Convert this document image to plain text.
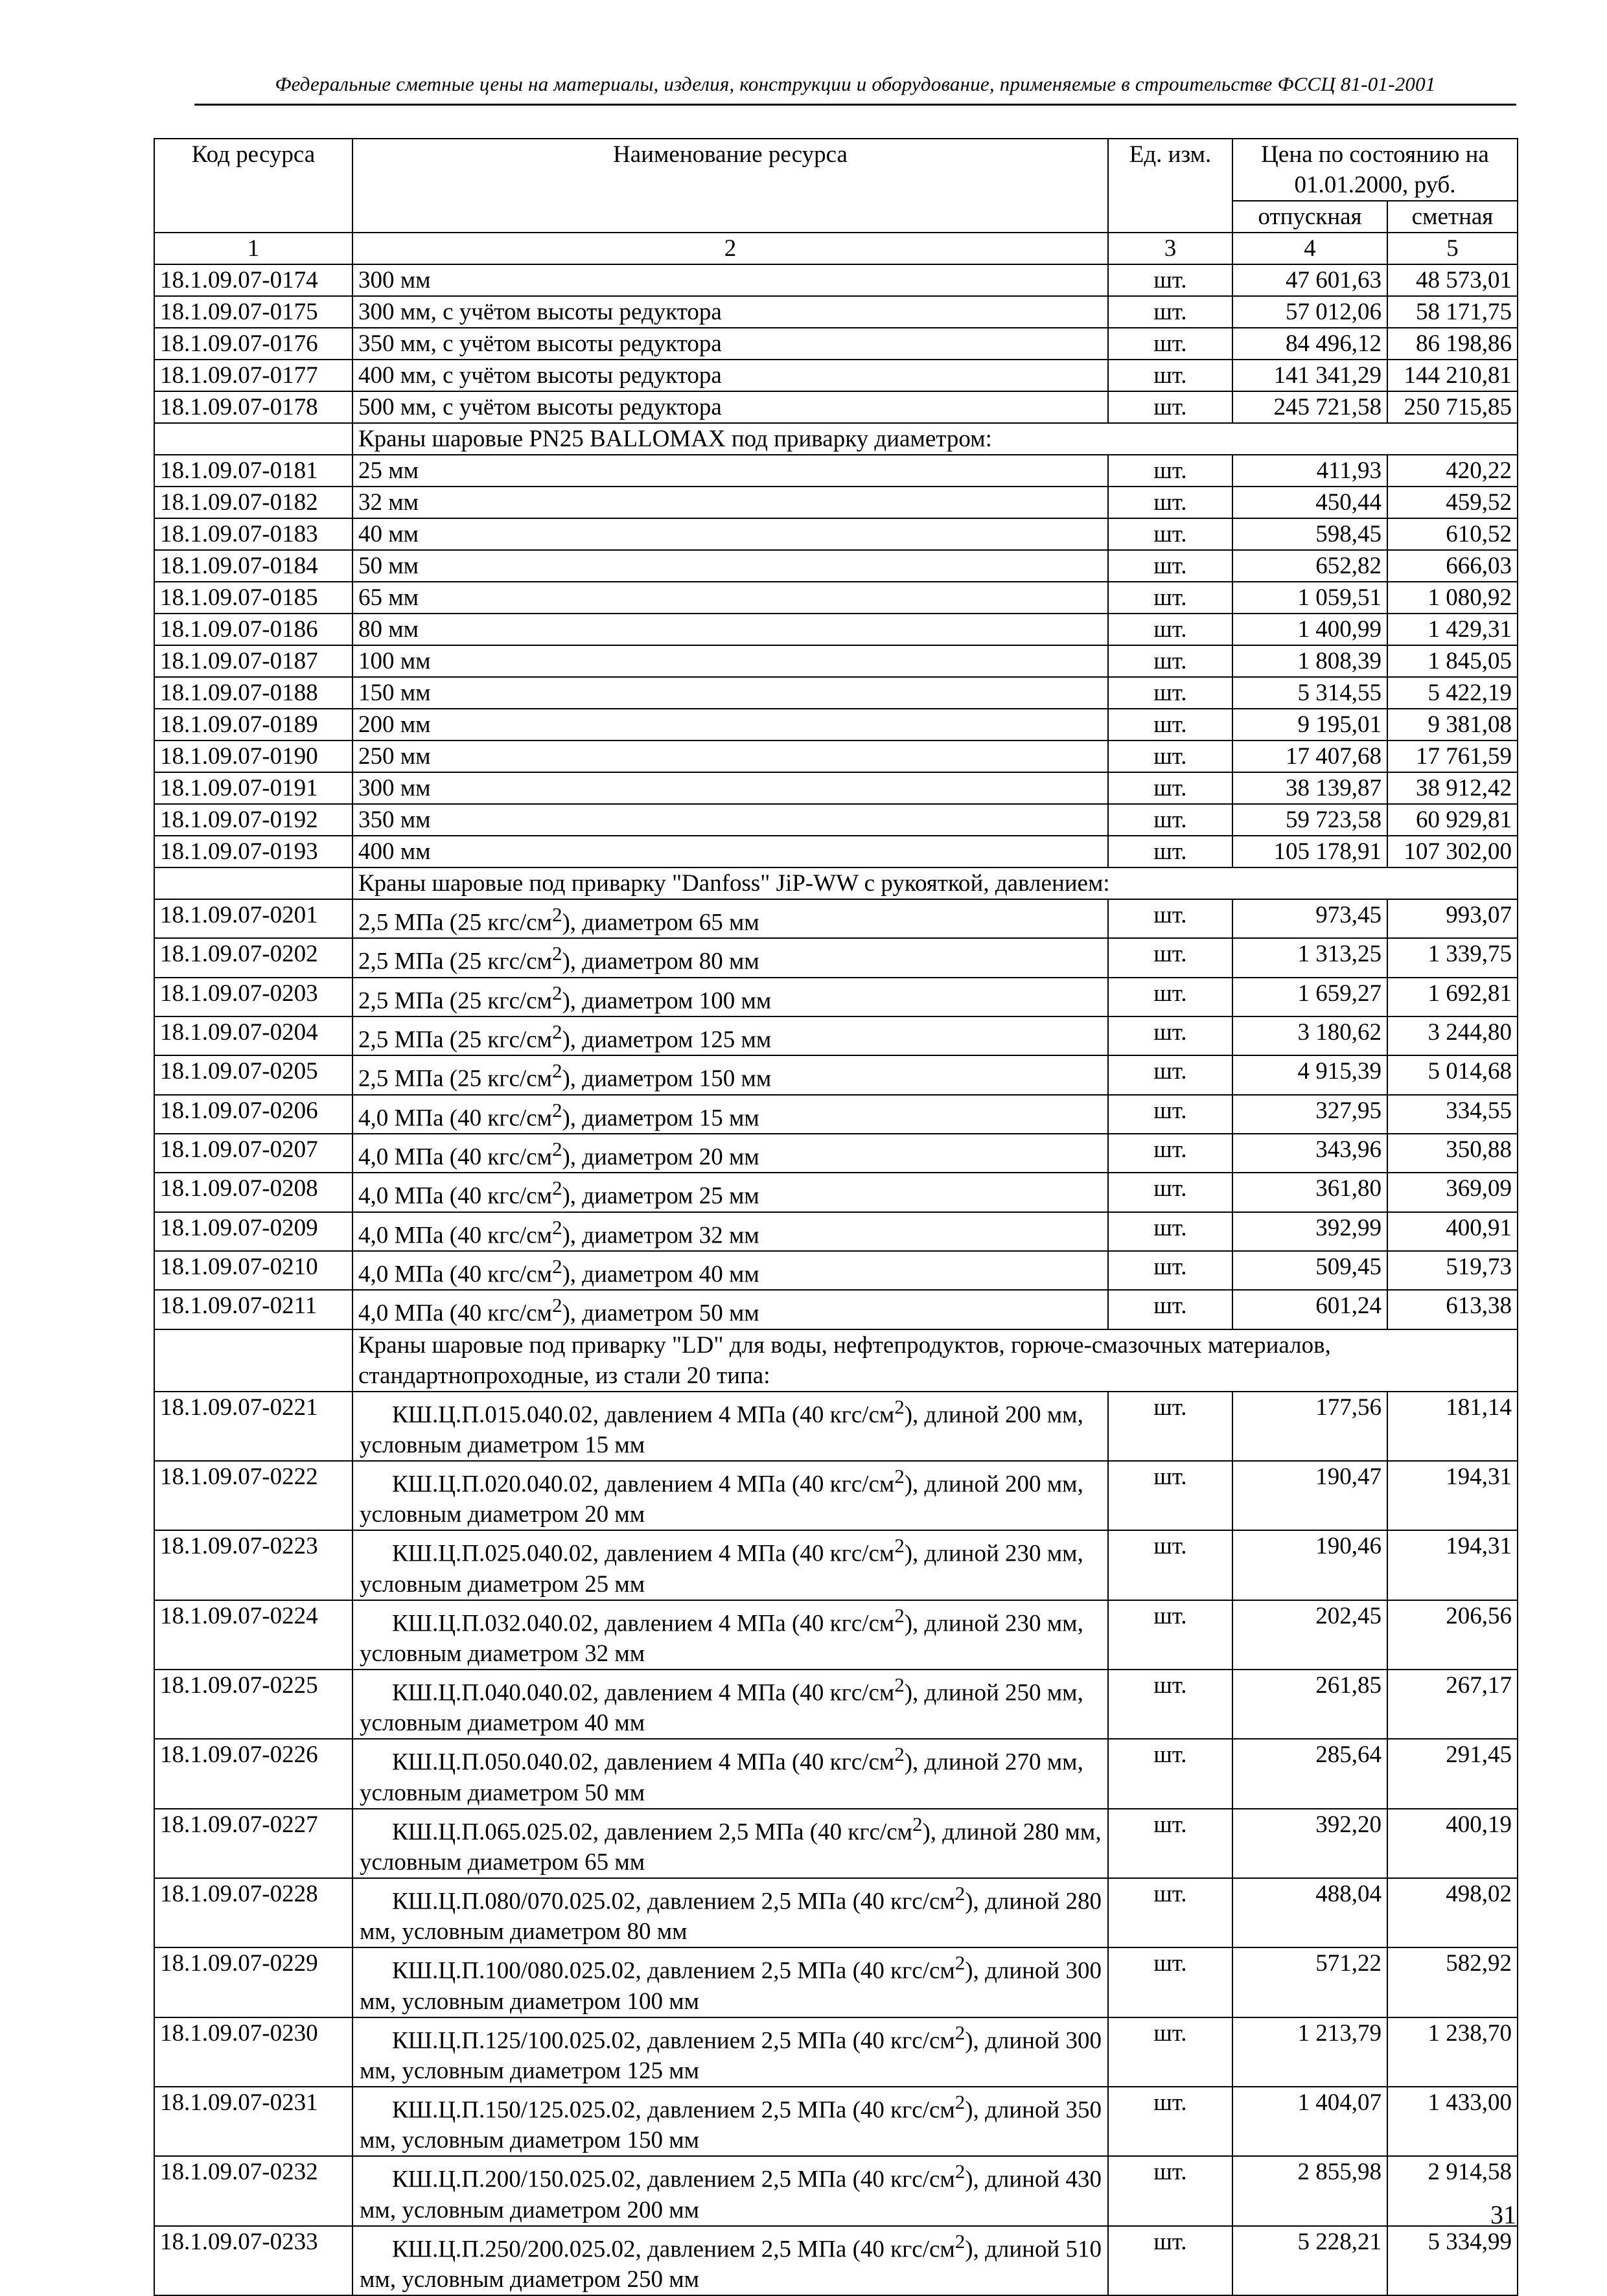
Федеральные сметные цены на материалы, изделия, конструкции и оборудование, применяемые в строительстве ФССЦ 81-01-2001
Код ресурса	Наименование ресурса	Ед. изм.	Цена по состоянию на 01.01.2000, руб.	

			отпускная	сметная
1	2	3	4	5
18.1.09.07-0174	300 мм	шт.	47 601,63	48 573,01
18.1.09.07-0175	300 мм, с учётом высоты редуктора	шт.	57 012,06	58 171,75
18.1.09.07-0176	350 мм, с учётом высоты редуктора	шт.	84 496,12	86 198,86
18.1.09.07-0177	400 мм, с учётом высоты редуктора	шт.	141 341,29	144 210,81
18.1.09.07-0178	500 мм, с учётом высоты редуктора	шт.	245 721,58	250 715,85
	Краны шаровые PN25 BALLOMAX под приварку диаметром:			
18.1.09.07-0181	25 мм	шт.	411,93	420,22
18.1.09.07-0182	32 мм	шт.	450,44	459,52
18.1.09.07-0183	40 мм	шт.	598,45	610,52
18.1.09.07-0184	50 мм	шт.	652,82	666,03
18.1.09.07-0185	65 мм	шт.	1 059,51	1 080,92
18.1.09.07-0186	80 мм	шт.	1 400,99	1 429,31
18.1.09.07-0187	100 мм	шт.	1 808,39	1 845,05
18.1.09.07-0188	150 мм	шт.	5 314,55	5 422,19
18.1.09.07-0189	200 мм	шт.	9 195,01	9 381,08
18.1.09.07-0190	250 мм	шт.	17 407,68	17 761,59
18.1.09.07-0191	300 мм	шт.	38 139,87	38 912,42
18.1.09.07-0192	350 мм	шт.	59 723,58	60 929,81
18.1.09.07-0193	400 мм	шт.	105 178,91	107 302,00
	Краны шаровые под приварку "Danfoss" JiP-WW с рукояткой, давлением:			
18.1.09.07-0201	2,5 МПа (25 кгс/$см^2$), диаметром 65 мм	шт.	973,45	993,07
18.1.09.07-0202	2,5 МПа (25 кгс/$см^2$), диаметром 80 мм	шт.	1 313,25	1 339,75
18.1.09.07-0203	2,5 МПа (25 кгс/$см^2$), диаметром 100 мм	шт.	1 659,27	1 692,81
18.1.09.07-0204	2,5 МПа (25 кгс/$см^2$), диаметром 125 мм	шт.	3 180,62	3 244,80
18.1.09.07-0205	2,5 МПа (25 кгс/$см^2$), диаметром 150 мм	шт.	4 915,39	5 014,68
18.1.09.07-0206	4,0 МПа (40 кгс/$см^2$), диаметром 15 мм	шт.	327,95	334,55
18.1.09.07-0207	4,0 МПа (40 кгс/$см^2$), диаметром 20 мм	шт.	343,96	350,88
18.1.09.07-0208	4,0 МПа (40 кгс/$см^2$), диаметром 25 мм	шт.	361,80	369,09
18.1.09.07-0209	4,0 МПа (40 кгс/$см^2$), диаметром 32 мм	шт.	392,99	400,91
18.1.09.07-0210	4,0 МПа (40 кгс/$см^2$), диаметром 40 мм	шт.	509,45	519,73
18.1.09.07-0211	4,0 МПа (40 кгс/$см^2$), диаметром 50 мм	шт.	601,24	613,38
	Краны шаровые под приварку "LD" для воды, нефтепродуктов, горюче-смазочных материалов, стандартнопроходные, из стали 20 типа:			
18.1.09.07-0221	КШ.Ц.П.015.040.02, давлением 4 МПа (40 кгс/$см^2$), длиной 200 мм, условным диаметром 15 мм	шт.	177,56	181,14
18.1.09.07-0222	КШ.Ц.П.020.040.02, давлением 4 МПа (40 кгс/$см^2$), длиной 200 мм, условным диаметром 20 мм	шт.	190,47	194,31
18.1.09.07-0223	КШ.Ц.П.025.040.02, давлением 4 МПа (40 кгс/$см^2$), длиной 230 мм, условным диаметром 25 мм	шт.	190,46	194,31
18.1.09.07-0224	КШ.Ц.П.032.040.02, давлением 4 МПа (40 кгс/$см^2$), длиной 230 мм, условным диаметром 32 мм	шт.	202,45	206,56
18.1.09.07-0225	КШ.Ц.П.040.040.02, давлением 4 МПа (40 кгс/$см^2$), длиной 250 мм, условным диаметром 40 мм	шт.	261,85	267,17
18.1.09.07-0226	КШ.Ц.П.050.040.02, давлением 4 МПа (40 кгс/$см^2$), длиной 270 мм, условным диаметром 50 мм	шт.	285,64	291,45
18.1.09.07-0227	КШ.Ц.П.065.025.02, давлением 2,5 МПа (40 кгс/$см^2$), длиной 280 мм, условным диаметром 65 мм	шт.	392,20	400,19
18.1.09.07-0228	КШ.Ц.П.080/070.025.02, давлением 2,5 МПа (40 кгс/$см^2$), длиной 280 мм, условным диаметром 80 мм	шт.	488,04	498,02
18.1.09.07-0229	КШ.Ц.П.100/080.025.02, давлением 2,5 МПа (40 кгс/$см^2$), длиной 300 мм, условным диаметром 100 мм	шт.	571,22	582,92
18.1.09.07-0230	КШ.Ц.П.125/100.025.02, давлением 2,5 МПа (40 кгс/$см^2$), длиной 300 мм, условным диаметром 125 мм	шт.	1 213,79	1 238,70
18.1.09.07-0231	КШ.Ц.П.150/125.025.02, давлением 2,5 МПа (40 кгс/$см^2$), длиной 350 мм, условным диаметром 150 мм	шт.	1 404,07	1 433,00
18.1.09.07-0232	КШ.Ц.П.200/150.025.02, давлением 2,5 МПа (40 кгс/$см^2$), длиной 430 мм, условным диаметром 200 мм	шт.	2 855,98	2 914,58
18.1.09.07-0233	КШ.Ц.П.250/200.025.02, давлением 2,5 МПа (40 кгс/$см^2$), длиной 510 мм, условным диаметром 250 мм	шт.	5 228,21	5 334,99
31
